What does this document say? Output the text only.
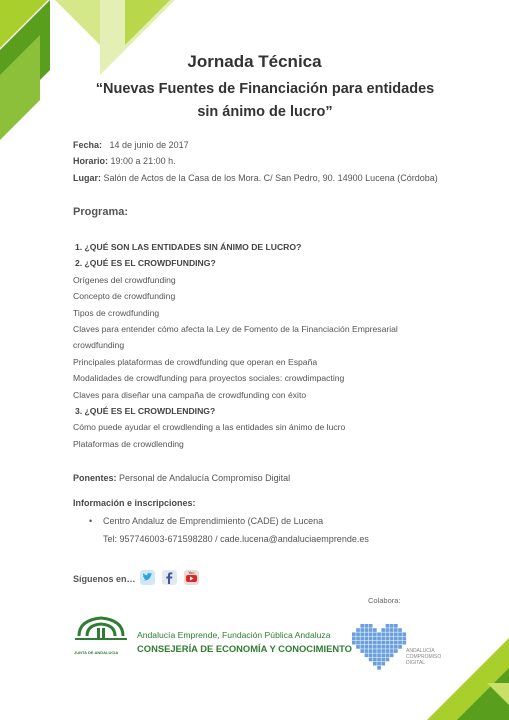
Jornada Técnica
“Nuevas Fuentes de Financiación para entidades sin ánimo de lucro”
Fecha: 14 de junio de 2017
Horario: 19:00 a 21:00 h.
Lugar: Salón de Actos de la Casa de los Mora. C/ San Pedro, 90. 14900 Lucena (Córdoba)
Programa:
1. ¿QUÉ SON LAS ENTIDADES SIN ÁNIMO DE LUCRO?
2. ¿QUÉ ES EL CROWDFUNDING?
Orígenes del crowdfunding
Concepto de crowdfunding
Tipos de crowdfunding
Claves para entender cómo afecta la Ley de Fomento de la Financiación Empresarial
crowdfunding
Principales plataformas de crowdfunding que operan en España
Modalidades de crowdfunding para proyectos sociales: crowdimpacting
Claves para diseñar una campaña de crowdfunding con éxito
3. ¿QUÉ ES EL CROWDLENDING?
Cómo puede ayudar el crowdlending a las entidades sin ánimo de lucro
Plataformas de crowdlending
Ponentes: Personal de Andalucía Compromiso Digital
Información e inscripciones:
• Centro Andaluz de Emprendimiento (CADE) de Lucena
Tel: 957746003-671598280 / cade.lucena@andaluciaemprende.es
Síguenos en…
You
Colabora:
JUNTA DE ANDALUCIA
Andalucía Emprende, Fundación Pública Andaluza
CONSEJERÍA DE ECONOMÍA Y CONOCIMIENTO	ANDALUCÍA COMPROMISO DIGITAL
